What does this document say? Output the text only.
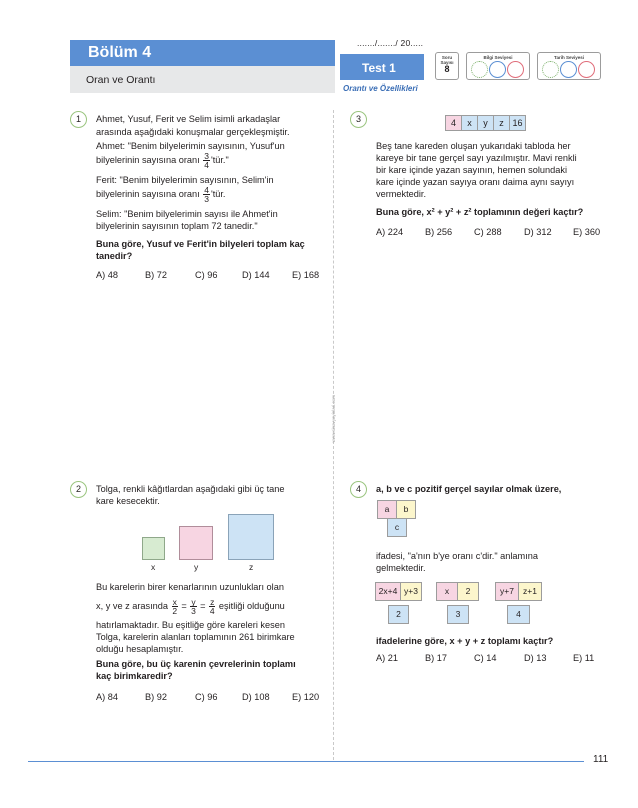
Bölüm 4
Oran ve Orantı
......./......./ 20.....
Test 1
Orantı ve Özellikleri
Soru Sayısı
8
Bilgi Seviyesi	Tarih Seviyesi
www.sinavyayinlari.com
1	Ahmet, Yusuf, Ferit ve Selim isimli arkadaşlar
arasında aşağıdaki konuşmalar gerçekleşmiştir.
Ahmet: "Benim bilyelerimin sayısının, Yusuf'un
bilyelerinin sayısına oranı $\frac{3}{4}$ 'tür."
Ferit: "Benim bilyelerimin sayısının, Selim'in
bilyelerinin sayısına oranı $\frac{4}{3}$ 'tür.
Selim: "Benim bilyelerimin sayısı ile Ahmet'in
bilyelerinin sayısının toplam 72 tanedir."
Buna göre, Yusuf ve Ferit'in bilyeleri toplam kaç
tanedir?
A) 48	B) 72	C) 96	D) 144 E) 168
2	Tolga, renkli kâğıtlardan aşağıdaki gibi üç tane
kare kesecektir.
x	y	z
Bu karelerin birer kenarlarının uzunlukları olan
x, y ve z arasında $\frac{x}{2} = \frac{y}{3} = \frac{z}{4}$ eşitliği olduğunu
hatırlamaktadır. Bu eşitliğe göre kareleri kesen
Tolga, karelerin alanları toplamının 261 birimkare
olduğu hesaplamıştır.
Buna göre, bu üç karenin çevrelerinin toplamı
kaç birimkaredir?
A) 84	B) 92	C) 96	D) 108 E) 120
3	4	x	y	z 16
Beş tane kareden oluşan yukarıdaki tabloda her
kareye bir tane gerçel sayı yazılmıştır. Mavi renkli
bir kare içinde yazan sayının, hemen solundaki
kare içinde yazan sayıya oranı daima aynı sayıyı
vermektedir.
Buna göre, x² + y² + z² toplamının değeri kaçtır?
A) 224 B) 256 C) 288 D) 312 E) 360
4	a, b ve c pozitif gerçel sayılar olmak üzere,
a	b
c
ifadesi, "a'nın b'ye oranı c'dir." anlamına
gelmektedir.
2x+4 y+3
2
x	2
3
y+7	z+1
4
ifadelerine göre, x + y + z toplamı kaçtır?
A) 21	B) 17	C) 14	D) 13	E) 11
111
